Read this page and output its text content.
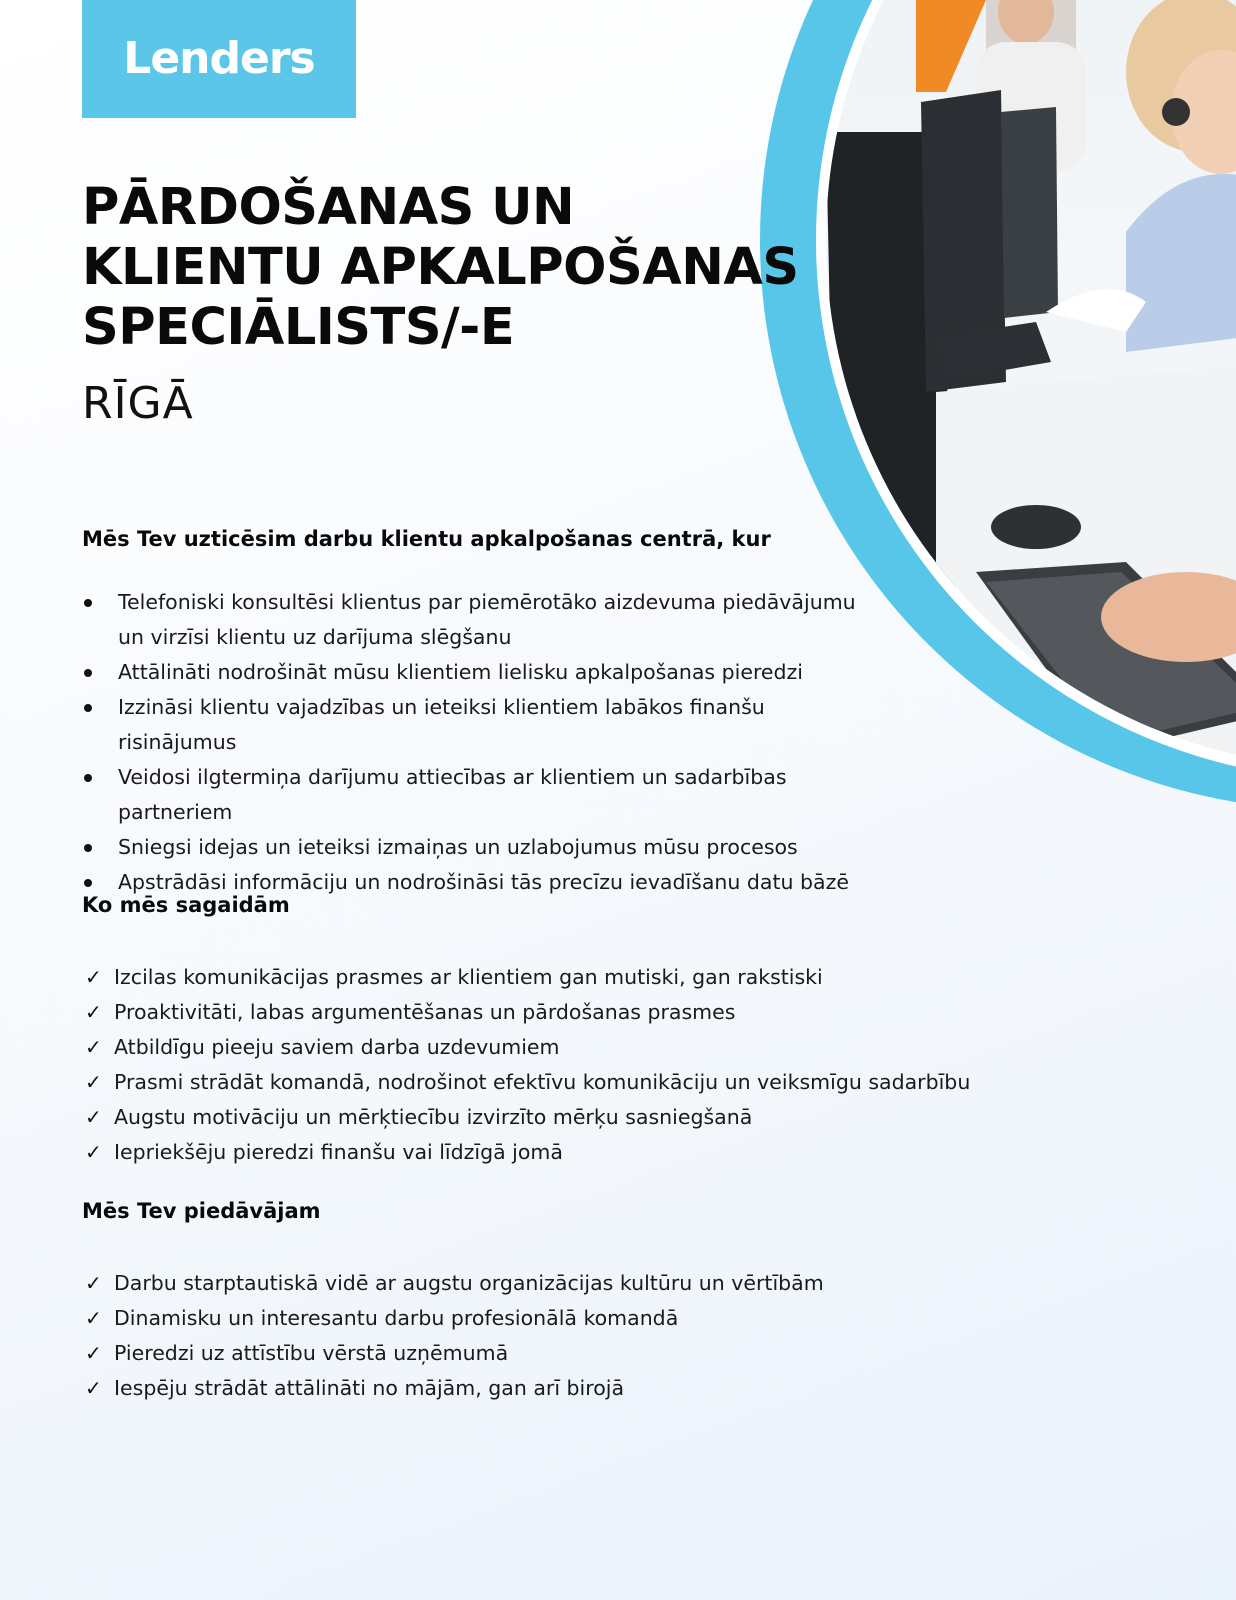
Lenders
PĀRDOŠANAS UN
KLIENTU APKALPOŠANAS
SPECIĀLISTS/-E
RĪGĀ
Mēs Tev uzticēsim darbu klientu apkalpošanas centrā, kur
Telefoniski konsultēsi klientus par piemērotāko aizdevuma piedāvājumu un virzīsi klientu uz darījuma slēgšanu
Attālināti nodrošināt mūsu klientiem lielisku apkalpošanas pieredzi
Izzināsi klientu vajadzības un ieteiksi klientiem labākos finanšu risinājumus
Veidosi ilgtermiņa darījumu attiecības ar klientiem un sadarbības partneriem
Sniegsi idejas un ieteiksi izmaiņas un uzlabojumus mūsu procesos
Apstrādāsi informāciju un nodrošināsi tās precīzu ievadīšanu datu bāzē
Ko mēs sagaidām
✓ Izcilas komunikācijas prasmes ar klientiem gan mutiski, gan rakstiski
✓ Proaktivitāti, labas argumentēšanas un pārdošanas prasmes
✓ Atbildīgu pieeju saviem darba uzdevumiem
✓ Prasmi strādāt komandā, nodrošinot efektīvu komunikāciju un veiksmīgu sadarbību
✓ Augstu motivāciju un mērķtiecību izvirzīto mērķu sasniegšanā
✓ Iepriekšēju pieredzi finanšu vai līdzīgā jomā
Mēs Tev piedāvājam
✓ Darbu starptautiskā vidē ar augstu organizācijas kultūru un vērtībām
✓ Dinamisku un interesantu darbu profesionālā komandā
✓ Pieredzi uz attīstību vērstā uzņēmumā
✓ Iespēju strādāt attālināti no mājām, gan arī birojā
